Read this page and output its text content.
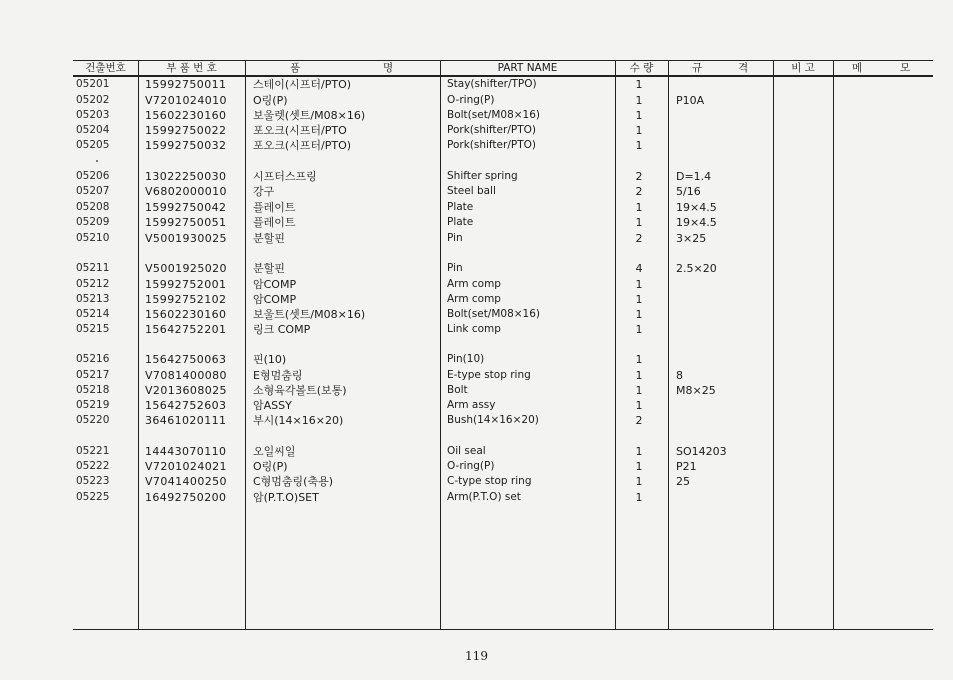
건출번호	부 품 번 호	품	명	PART NAME	수 량	규	격	비 고	메	모
05201	15992750011 스테이(시프터/PTO)	Stay(shifter/TPO)	1
05202	V7201024010 O링(P)	O-ring(P)	1	P10A
05203	15602230160 보울렛(셋트/M08×16)	Bolt(set/M08×16)	1
05204	15992750022 포오크(시프터/PTO	Pork(shifter/PTO)	1
05205	15992750032 포오크(시프터/PTO)	Pork(shifter/PTO)	1
05206	13022250030 시프터스프링	Shifter spring	2	D=1.4
05207	V6802000010 강구	Steel ball	2	5/16
05208	15992750042 플레이트	Plate	1	19×4.5
05209	15992750051 플레이트	Plate	1	19×4.5
05210	V5001930025 분할핀	Pin	2	3×25
05211	V5001925020 분할핀	Pin	4	2.5×20
05212	15992752001 암COMP	Arm comp	1
05213	15992752102 암COMP	Arm comp	1
05214	15602230160 보울트(셋트/M08×16)	Bolt(set/M08×16)	1
05215	15642752201 링크 COMP	Link comp	1
05216	15642750063 핀(10)	Pin(10)	1
05217	V7081400080 E형멈춤링	E-type stop ring	1	8
05218	V2013608025 소형육각볼트(보통)	Bolt	1	M8×25
05219	15642752603 암ASSY	Arm assy	1
05220	36461020111 부시(14×16×20)	Bush(14×16×20)	2
05221	14443070110 오일씨일	Oil seal	1	SO14203
05222	V7201024021 O링(P)	O-ring(P)	1	P21
05223	V7041400250 C형멈춤링(축용)	C-type stop ring	1	25
05225	16492750200 암(P.T.O)SET	Arm(P.T.O) set	1
119
